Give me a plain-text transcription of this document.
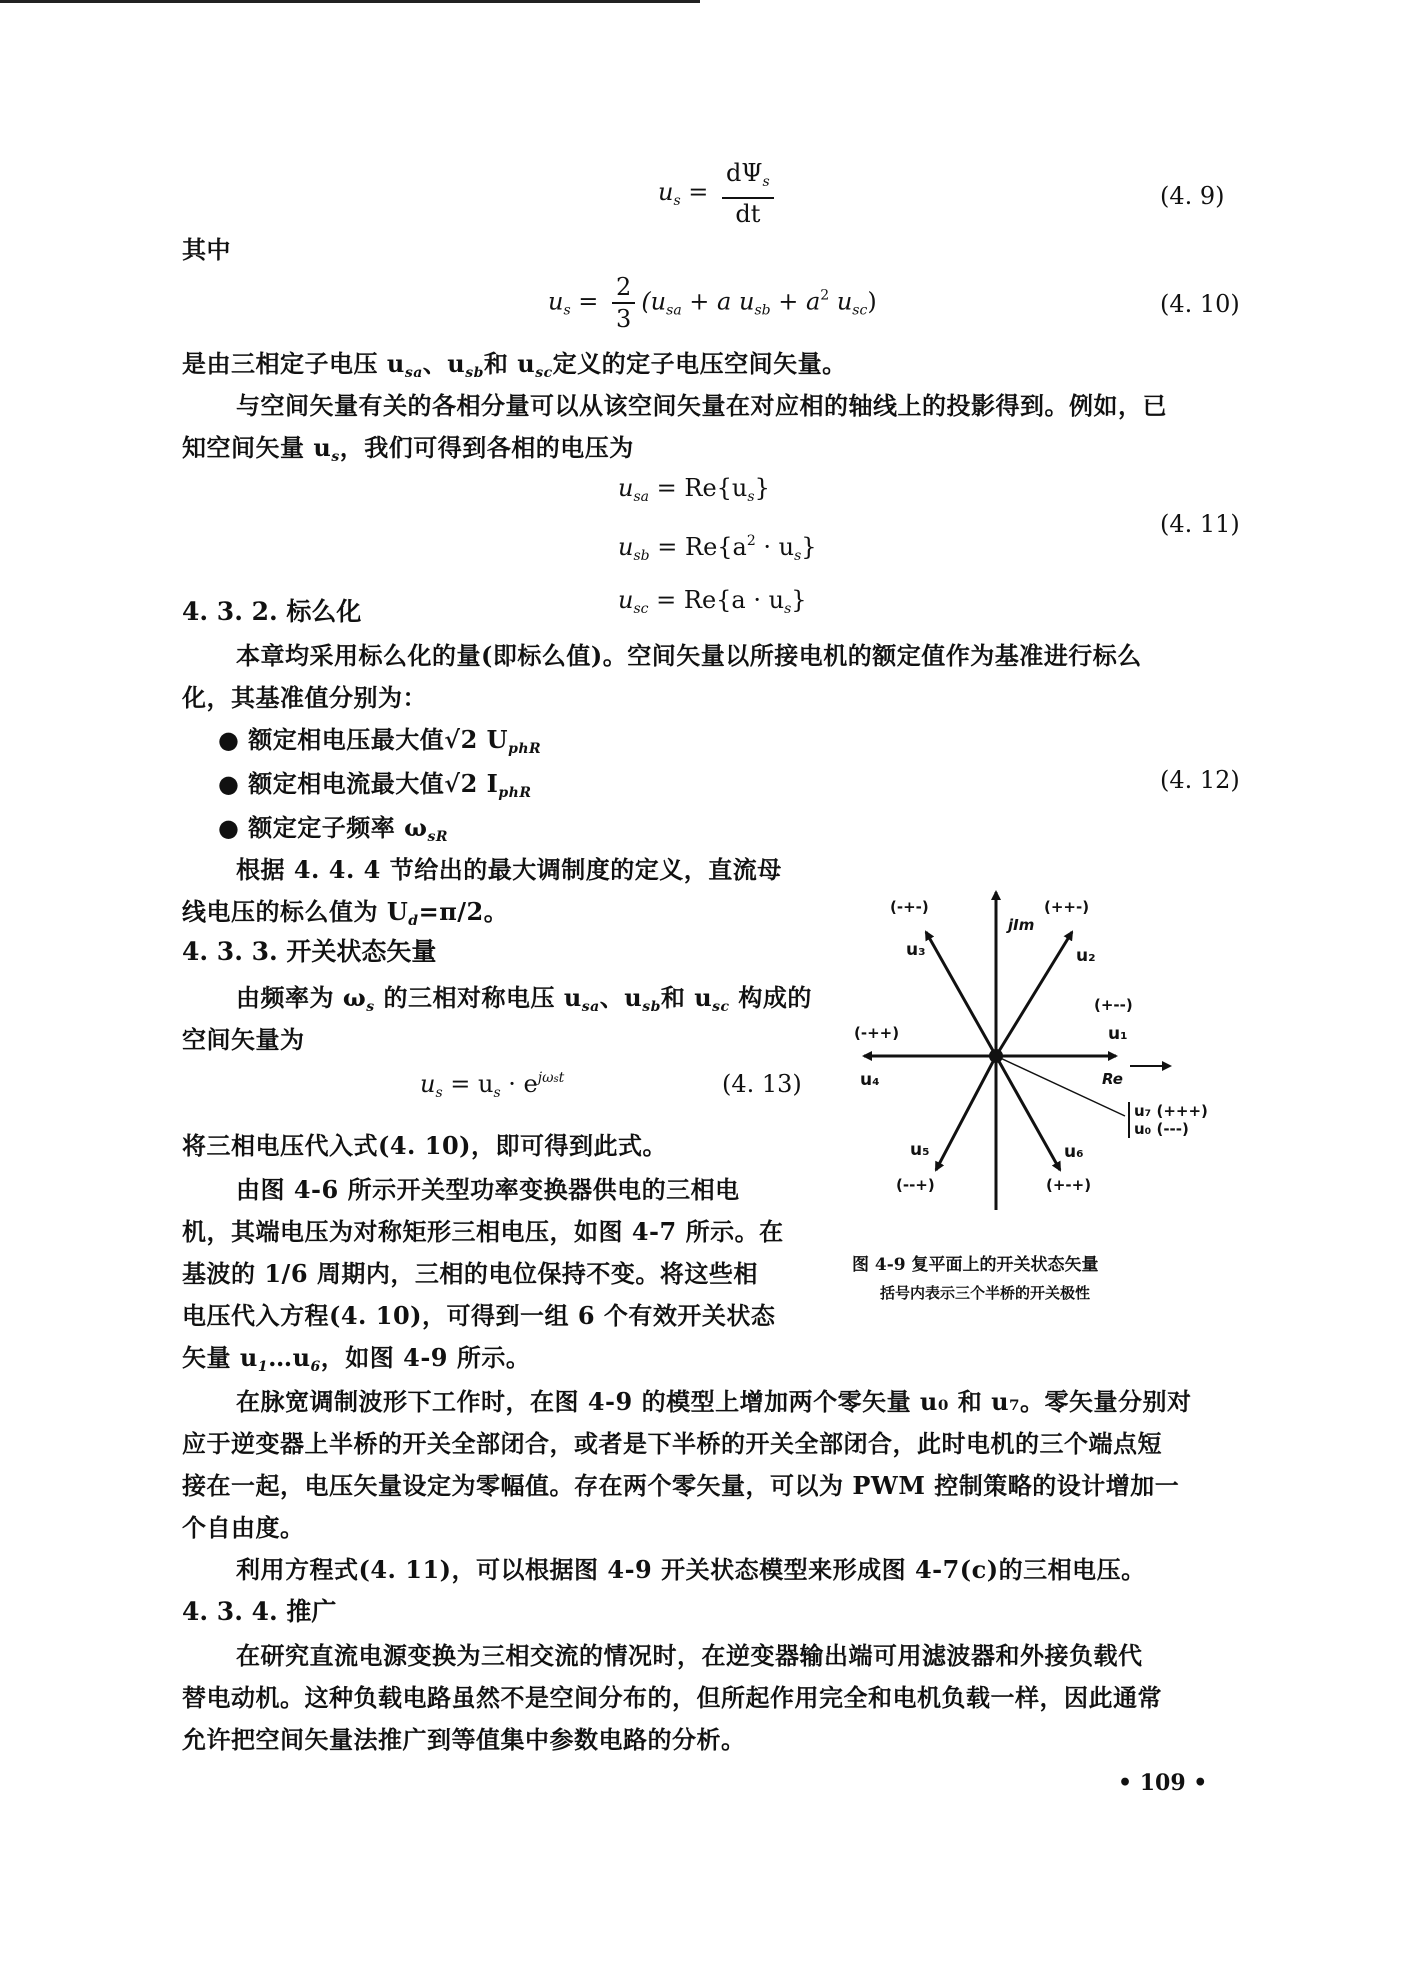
$u_s = \frac{d\Psi_s}{dt}$	(4. 9)
其中
$u_s = \frac{2}{3} (u_{sa} + a$ $u_{sb} + a^2$ $u_{sc}$)	(4. 10)
是由三相定子电压 $u_{sa}$、$u_{sb}$和 $u_{sc}$定义的定子电压空间矢量。
与空间矢量有关的各相分量可以从该空间矢量在对应相的轴线上的投影得到。例如，已
知空间矢量 $u_s$，我们可得到各相的电压为
$u_{sa} = Re\{u_s\}$
$u_{sb} = Re\{a^2 \cdot u_s\}$
$u_{sc} = Re\{a \cdot u_s\}$
(4. 11)
4. 3. 2. 标么化
本章均采用标么化的量(即标么值)。空间矢量以所接电机的额定值作为基准进行标么
化，其基准值分别为：
● 额定相电压最大值√2 $U_{phR}$
● 额定相电流最大值√2 $I_{phR}$
● 额定定子频率 $\omega_{sR}$
(4. 12)
根据 4. 4. 4 节给出的最大调制度的定义，直流母
线电压的标么值为 $U_d=\pi/2$。
4. 3. 3. 开关状态矢量
由频率为 $\omega_s$ 的三相对称电压 $u_{sa}$、$u_{sb}$和 $u_{sc}$ 构成的
空间矢量为
$u_s = u_s \cdot e^{j\omega st}$	(4. 13)
将三相电压代入式(4. 10)，即可得到此式。
由图 4-6 所示开关型功率变换器供电的三相电
机，其端电压为对称矩形三相电压，如图 4-7 所示。在
基波的 1/6 周期内，三相的电位保持不变。将这些相
电压代入方程(4. 10)，可得到一组 6 个有效开关状态
矢量 $u_1\dots u_6$，如图 4-9 所示。
(-+-)
jIm
(++-)
u₃	u₂
(+--)
u₁
(-++)
u₄	Re
u₇ (+++)
u₀ (---)
u₅	u₆
(--+)	(+-+)
图 4-9 复平面上的开关状态矢量
括号内表示三个半桥的开关极性
在脉宽调制波形下工作时，在图 4-9 的模型上增加两个零矢量 u₀ 和 u₇。零矢量分别对
应于逆变器上半桥的开关全部闭合，或者是下半桥的开关全部闭合，此时电机的三个端点短
接在一起，电压矢量设定为零幅值。存在两个零矢量，可以为 PWM 控制策略的设计增加一
个自由度。
利用方程式(4. 11)，可以根据图 4-9 开关状态模型来形成图 4-7(c)的三相电压。
4. 3. 4. 推广
在研究直流电源变换为三相交流的情况时，在逆变器输出端可用滤波器和外接负载代
替电动机。这种负载电路虽然不是空间分布的，但所起作用完全和电机负载一样，因此通常
允许把空间矢量法推广到等值集中参数电路的分析。
• 109 •
